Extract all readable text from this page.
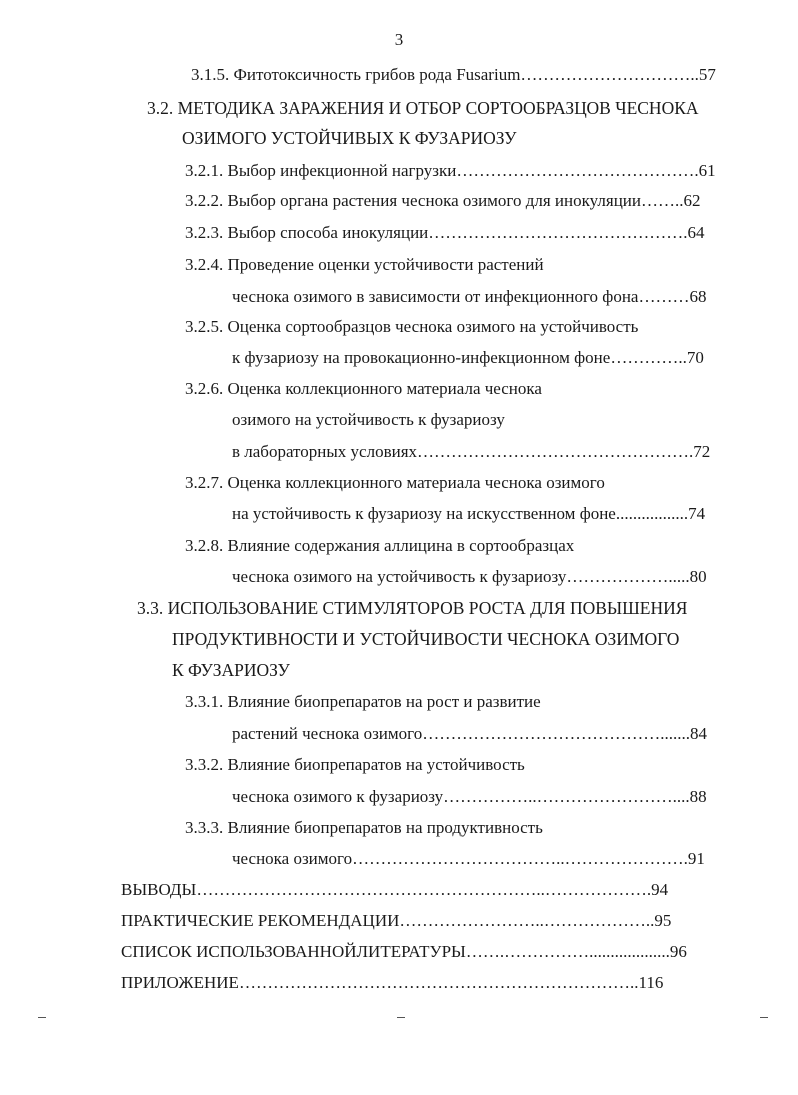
3
3.1.5. Фитотоксичность грибов рода Fusarium…………………………..57
3.2. МЕТОДИКА ЗАРАЖЕНИЯ И ОТБОР СОРТООБРАЗЦОВ ЧЕСНОКА
ОЗИМОГО УСТОЙЧИВЫХ К ФУЗАРИОЗУ
3.2.1. Выбор инфекционной нагрузки…………………………………….61
3.2.2. Выбор органа растения чеснока озимого для инокуляции……..62
3.2.3. Выбор способа инокуляции……………………………………….64
3.2.4. Проведение оценки устойчивости растений
чеснока озимого в зависимости от инфекционного фона………68
3.2.5. Оценка сортообразцов чеснока озимого на устойчивость
к фузариозу на провокационно-инфекционном фоне…………..70
3.2.6. Оценка коллекционного материала чеснока
озимого на устойчивость к фузариозу
в лабораторных условиях………………………………………….72
3.2.7. Оценка коллекционного материала чеснока озимого
на устойчивость к фузариозу на искусственном фоне.................74
3.2.8. Влияние содержания аллицина в сортообразцах
чеснока озимого на устойчивость к фузариозу……………….....80
3.3. ИСПОЛЬЗОВАНИЕ СТИМУЛЯТОРОВ РОСТА ДЛЯ ПОВЫШЕНИЯ
ПРОДУКТИВНОСТИ И УСТОЙЧИВОСТИ ЧЕСНОКА ОЗИМОГО
К ФУЗАРИОЗУ
3.3.1. Влияние биопрепаратов на рост и развитие
растений чеснока озимого…………………………………….......84
3.3.2. Влияние биопрепаратов на устойчивость
чеснока озимого к фузариозу……………..……………………....88
3.3.3. Влияние биопрепаратов на продуктивность
чеснока озимого………………………………..………………….91
ВЫВОДЫ……………………………………………………..……………….94
ПРАКТИЧЕСКИЕ РЕКОМЕНДАЦИИ……………………..………………..95
СПИСОК ИСПОЛЬЗОВАННОЙЛИТЕРАТУРЫ…….……………...................96
ПРИЛОЖЕНИЕ……………………………………………………………..116
